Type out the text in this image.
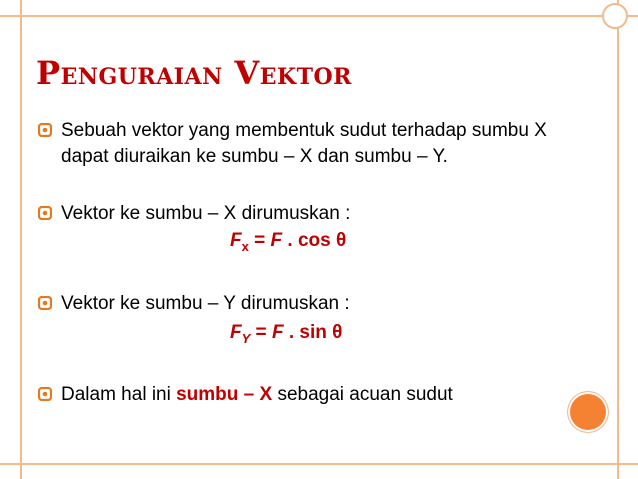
Penguraian Vektor
Sebuah vektor yang membentuk sudut terhadap sumbu X dapat diuraikan ke sumbu – X dan sumbu – Y.
Vektor ke sumbu – X dirumuskan :
Vektor ke sumbu – Y dirumuskan :
Dalam hal ini sumbu – X sebagai acuan sudut
$F_x = F$ . cos θ
$F_Y = F$ . sin θ
